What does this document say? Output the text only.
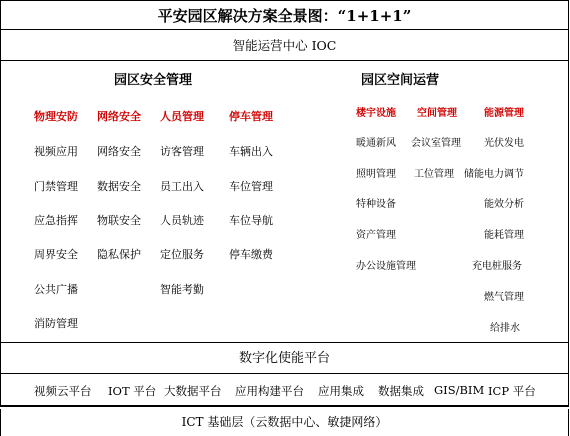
平安园区解决方案全景图：“1+1+1”
智能运营中心 IOC
园区安全管理
物理安防
视频应用
门禁管理
应急指挥
周界安全
公共广播
消防管理
网络安全
网络安全
数据安全
物联安全
隐私保护
人员管理
访客管理
员工出入
人员轨迹
定位服务
智能考勤
停车管理
车辆出入
车位管理
车位导航
停车缴费
园区空间运营
楼宇设施
暖通新风
照明管理
特种设备
资产管理
办公设施管理
空间管理
会议室管理
工位管理
能源管理
光伏发电
储能电力调节
能效分析
能耗管理
充电桩服务
燃气管理
给排水
数字化使能平台
视频云平台 IOT 平台 大数据平台 应用构建平台 应用集成 数据集成 GIS/BIM ICP 平台
ICT 基础层（云数据中心、敏捷网络）
